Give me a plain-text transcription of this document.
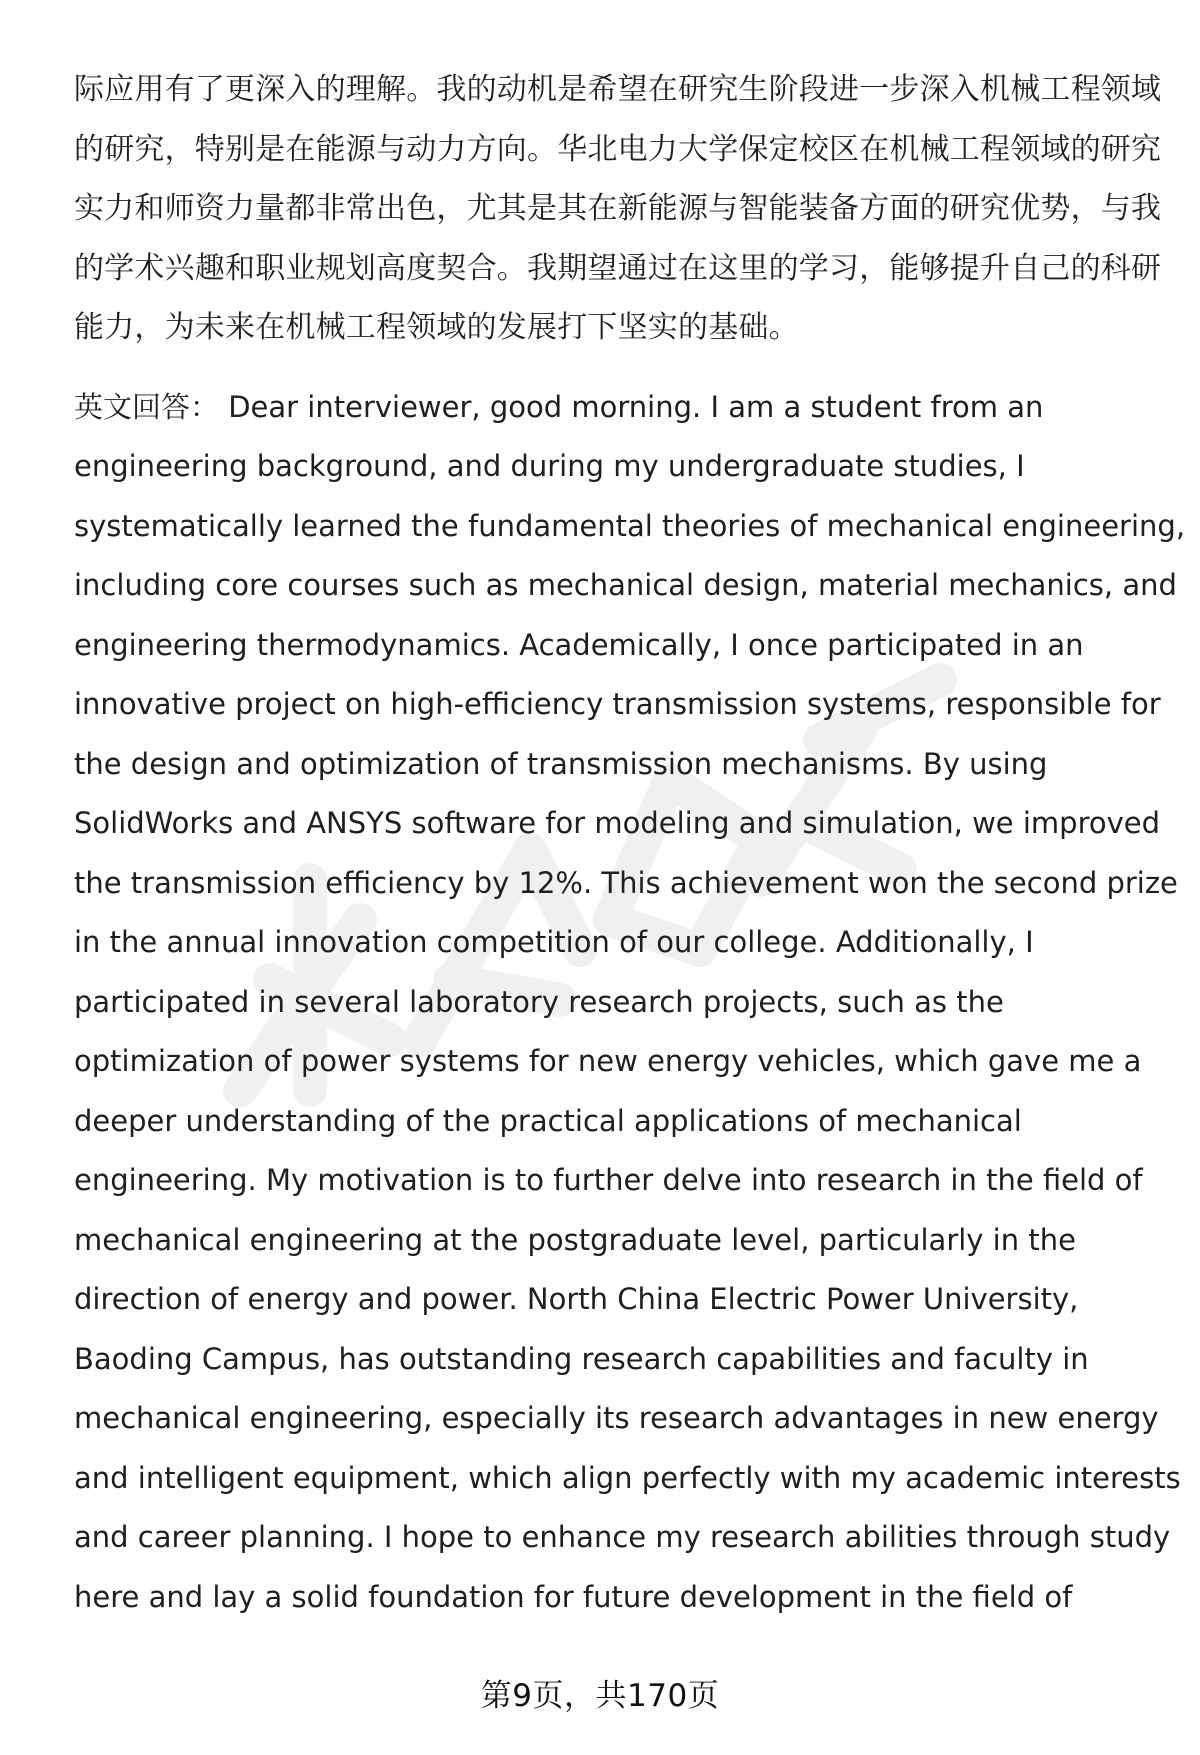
际应用有了更深入的理解。我的动机是希望在研究生阶段进一步深入机械工程领域
的研究，特别是在能源与动力方向。华北电力大学保定校区在机械工程领域的研究
实力和师资力量都非常出色，尤其是其在新能源与智能装备方面的研究优势，与我
的学术兴趣和职业规划高度契合。我期望通过在这里的学习，能够提升自己的科研
能力，为未来在机械工程领域的发展打下坚实的基础。

英文回答： Dear interviewer, good morning. I am a student from an
engineering background, and during my undergraduate studies, I
systematically learned the fundamental theories of mechanical engineering,
including core courses such as mechanical design, material mechanics, and
engineering thermodynamics. Academically, I once participated in an
innovative project on high-efficiency transmission systems, responsible for
the design and optimization of transmission mechanisms. By using
SolidWorks and ANSYS software for modeling and simulation, we improved
the transmission efficiency by 12%. This achievement won the second prize
in the annual innovation competition of our college. Additionally, I
participated in several laboratory research projects, such as the
optimization of power systems for new energy vehicles, which gave me a
deeper understanding of the practical applications of mechanical
engineering. My motivation is to further delve into research in the field of
mechanical engineering at the postgraduate level, particularly in the
direction of energy and power. North China Electric Power University,
Baoding Campus, has outstanding research capabilities and faculty in
mechanical engineering, especially its research advantages in new energy
and intelligent equipment, which align perfectly with my academic interests
and career planning. I hope to enhance my research abilities through study
here and lay a solid foundation for future development in the field of

第9页，共170页
